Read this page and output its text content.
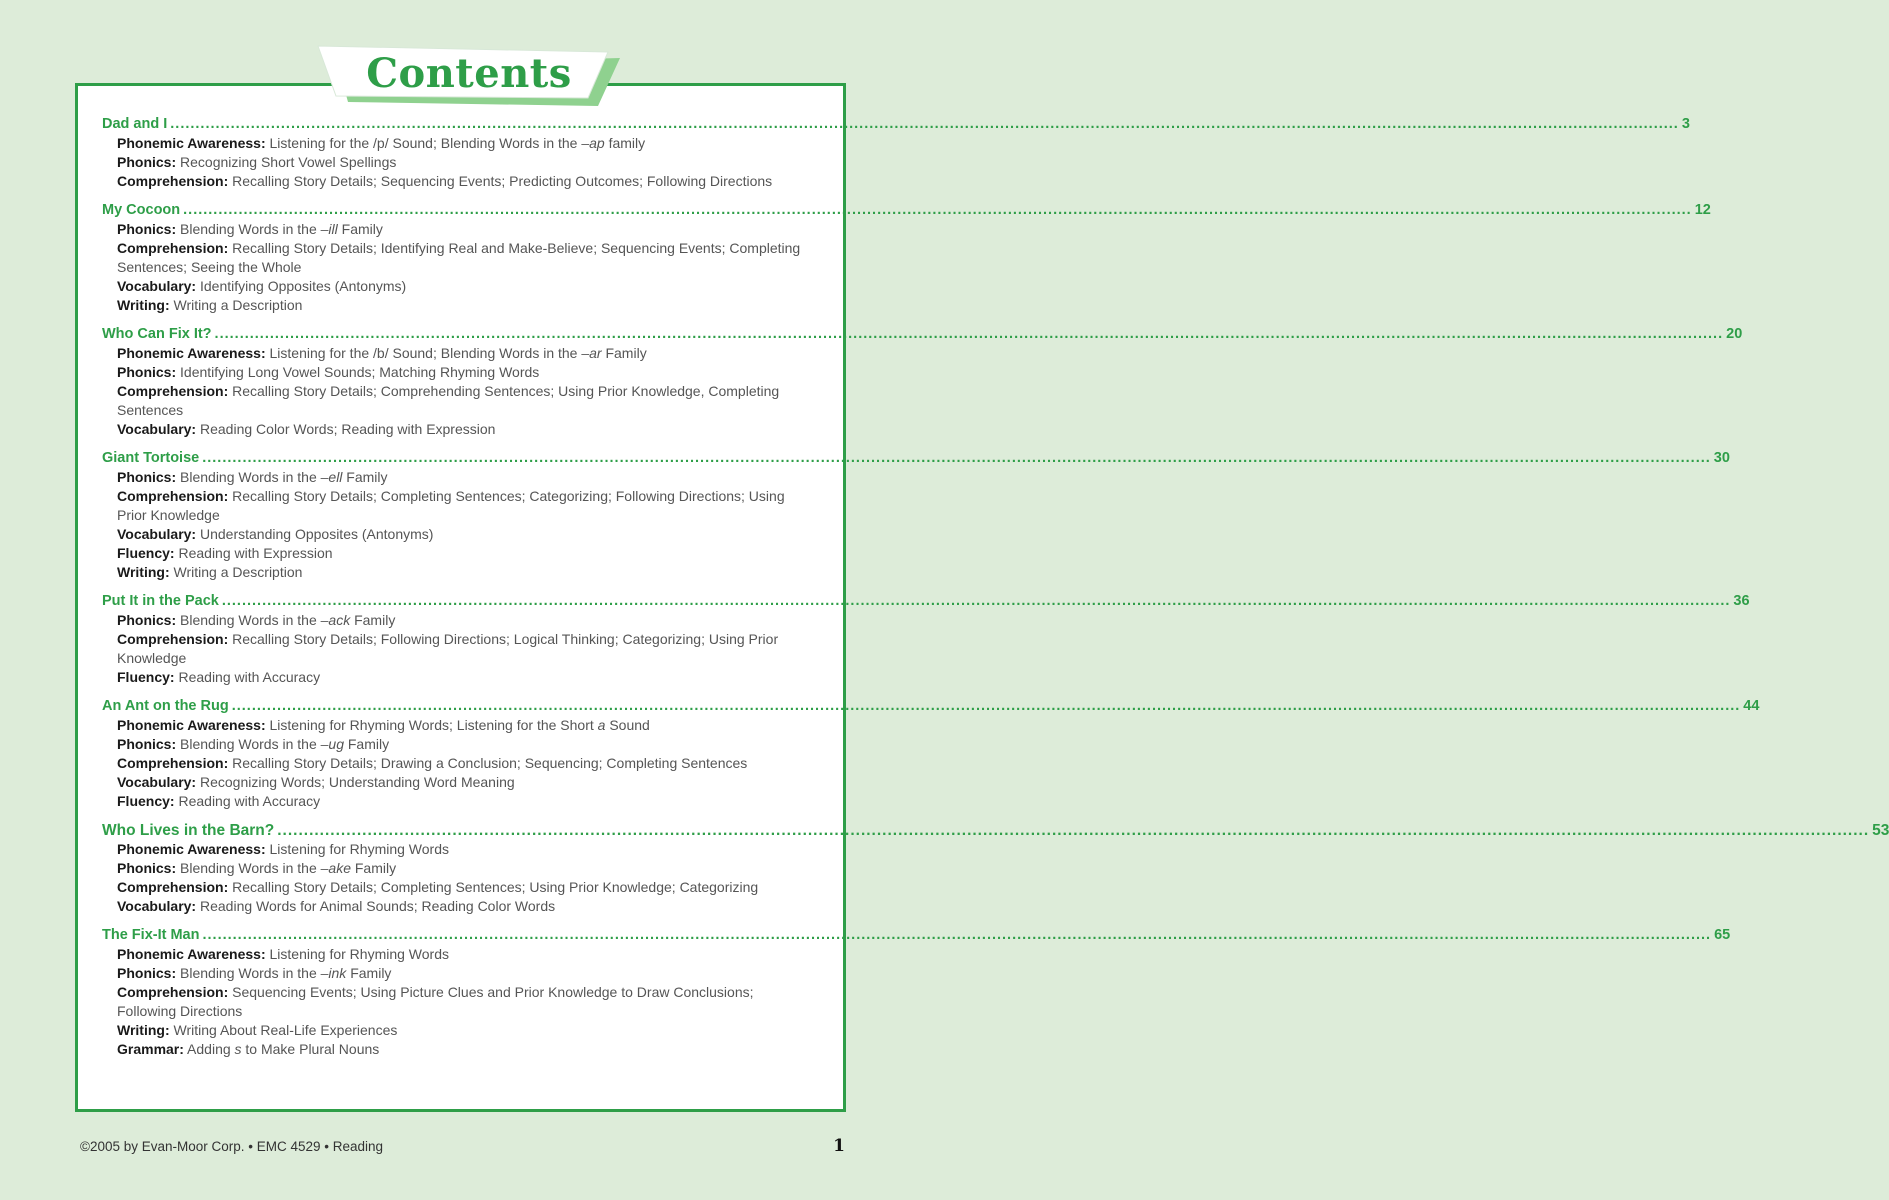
Contents
Dad and I ............................................................................................................................................................................................................................................................................................................ 3
Phonemic Awareness: Listening for the /p/ Sound; Blending Words in the –ap family
Phonics: Recognizing Short Vowel Spellings
Comprehension: Recalling Story Details; Sequencing Events; Predicting Outcomes; Following Directions
My Cocoon ............................................................................................................................................................................................................................................................................................................ 12
Phonics: Blending Words in the –ill Family
Comprehension: Recalling Story Details; Identifying Real and Make-Believe; Sequencing Events; Completing Sentences; Seeing the Whole
Vocabulary: Identifying Opposites (Antonyms)
Writing: Writing a Description
Who Can Fix It? ............................................................................................................................................................................................................................................................................................................ 20
Phonemic Awareness: Listening for the /b/ Sound; Blending Words in the –ar Family
Phonics: Identifying Long Vowel Sounds; Matching Rhyming Words
Comprehension: Recalling Story Details; Comprehending Sentences; Using Prior Knowledge, Completing Sentences
Vocabulary: Reading Color Words; Reading with Expression
Giant Tortoise ............................................................................................................................................................................................................................................................................................................ 30
Phonics: Blending Words in the –ell Family
Comprehension: Recalling Story Details; Completing Sentences; Categorizing; Following Directions; Using Prior Knowledge
Vocabulary: Understanding Opposites (Antonyms)
Fluency: Reading with Expression
Writing: Writing a Description
Put It in the Pack ............................................................................................................................................................................................................................................................................................................ 36
Phonics: Blending Words in the –ack Family
Comprehension: Recalling Story Details; Following Directions; Logical Thinking; Categorizing; Using Prior Knowledge
Fluency: Reading with Accuracy
An Ant on the Rug ............................................................................................................................................................................................................................................................................................................ 44
Phonemic Awareness: Listening for Rhyming Words; Listening for the Short a Sound
Phonics: Blending Words in the –ug Family
Comprehension: Recalling Story Details; Drawing a Conclusion; Sequencing; Completing Sentences
Vocabulary: Recognizing Words; Understanding Word Meaning
Fluency: Reading with Accuracy
Who Lives in the Barn? ............................................................................................................................................................................................................................................................................................................ 53
Phonemic Awareness: Listening for Rhyming Words
Phonics: Blending Words in the –ake Family
Comprehension: Recalling Story Details; Completing Sentences; Using Prior Knowledge; Categorizing
Vocabulary: Reading Words for Animal Sounds; Reading Color Words
The Fix-It Man ............................................................................................................................................................................................................................................................................................................ 65
Phonemic Awareness: Listening for Rhyming Words
Phonics: Blending Words in the –ink Family
Comprehension: Sequencing Events; Using Picture Clues and Prior Knowledge to Draw Conclusions; Following Directions
Writing: Writing About Real-Life Experiences
Grammar: Adding s to Make Plural Nouns
©2005 by Evan-Moor Corp. • EMC 4529 • Reading	1
